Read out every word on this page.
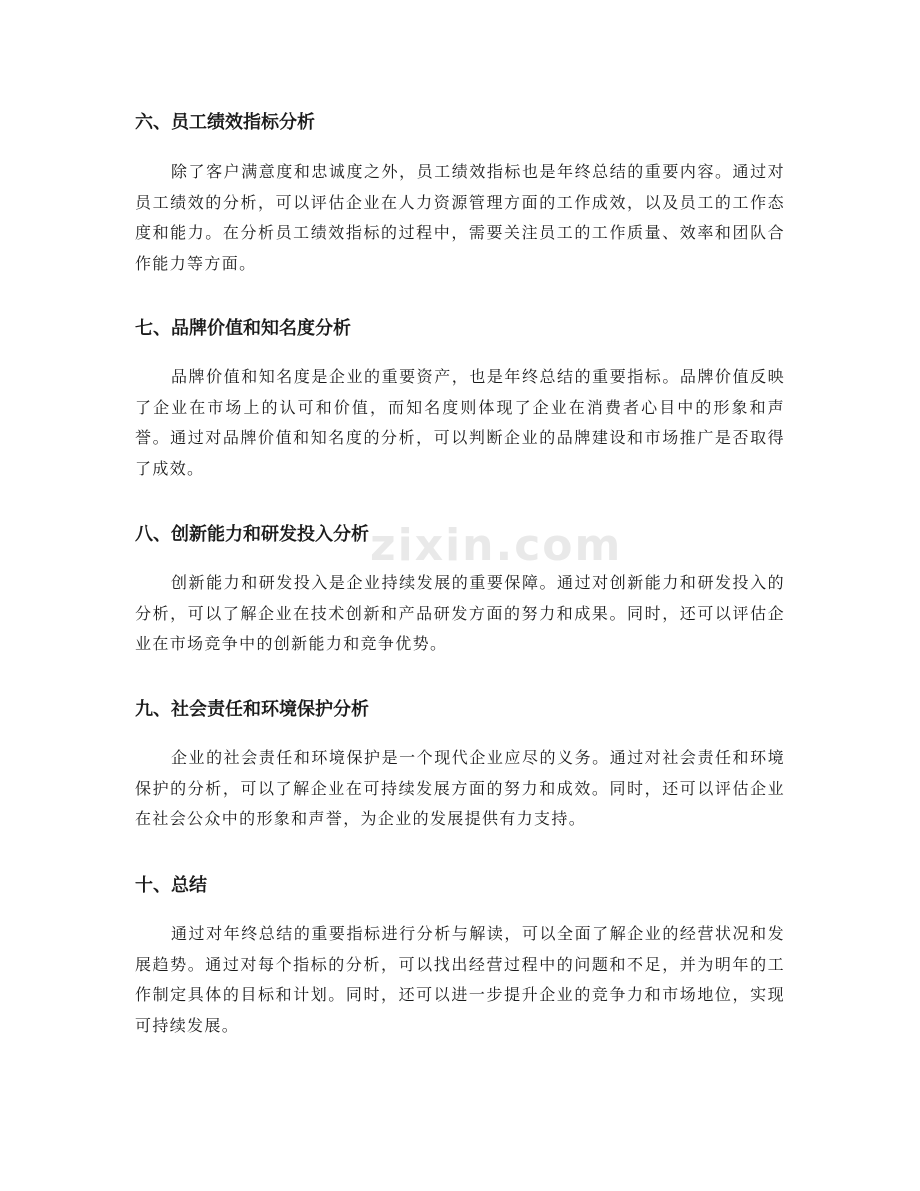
zixin.com
六、员工绩效指标分析

除了客户满意度和忠诚度之外，员工绩效指标也是年终总结的重要内容。通过对员工绩效的分析，可以评估企业在人力资源管理方面的工作成效，以及员工的工作态度和能力。在分析员工绩效指标的过程中，需要关注员工的工作质量、效率和团队合作能力等方面。

七、品牌价值和知名度分析

品牌价值和知名度是企业的重要资产，也是年终总结的重要指标。品牌价值反映了企业在市场上的认可和价值，而知名度则体现了企业在消费者心目中的形象和声誉。通过对品牌价值和知名度的分析，可以判断企业的品牌建设和市场推广是否取得了成效。

八、创新能力和研发投入分析

创新能力和研发投入是企业持续发展的重要保障。通过对创新能力和研发投入的分析，可以了解企业在技术创新和产品研发方面的努力和成果。同时，还可以评估企业在市场竞争中的创新能力和竞争优势。

九、社会责任和环境保护分析

企业的社会责任和环境保护是一个现代企业应尽的义务。通过对社会责任和环境保护的分析，可以了解企业在可持续发展方面的努力和成效。同时，还可以评估企业在社会公众中的形象和声誉，为企业的发展提供有力支持。

十、总结

通过对年终总结的重要指标进行分析与解读，可以全面了解企业的经营状况和发展趋势。通过对每个指标的分析，可以找出经营过程中的问题和不足，并为明年的工作制定具体的目标和计划。同时，还可以进一步提升企业的竞争力和市场地位，实现可持续发展。
